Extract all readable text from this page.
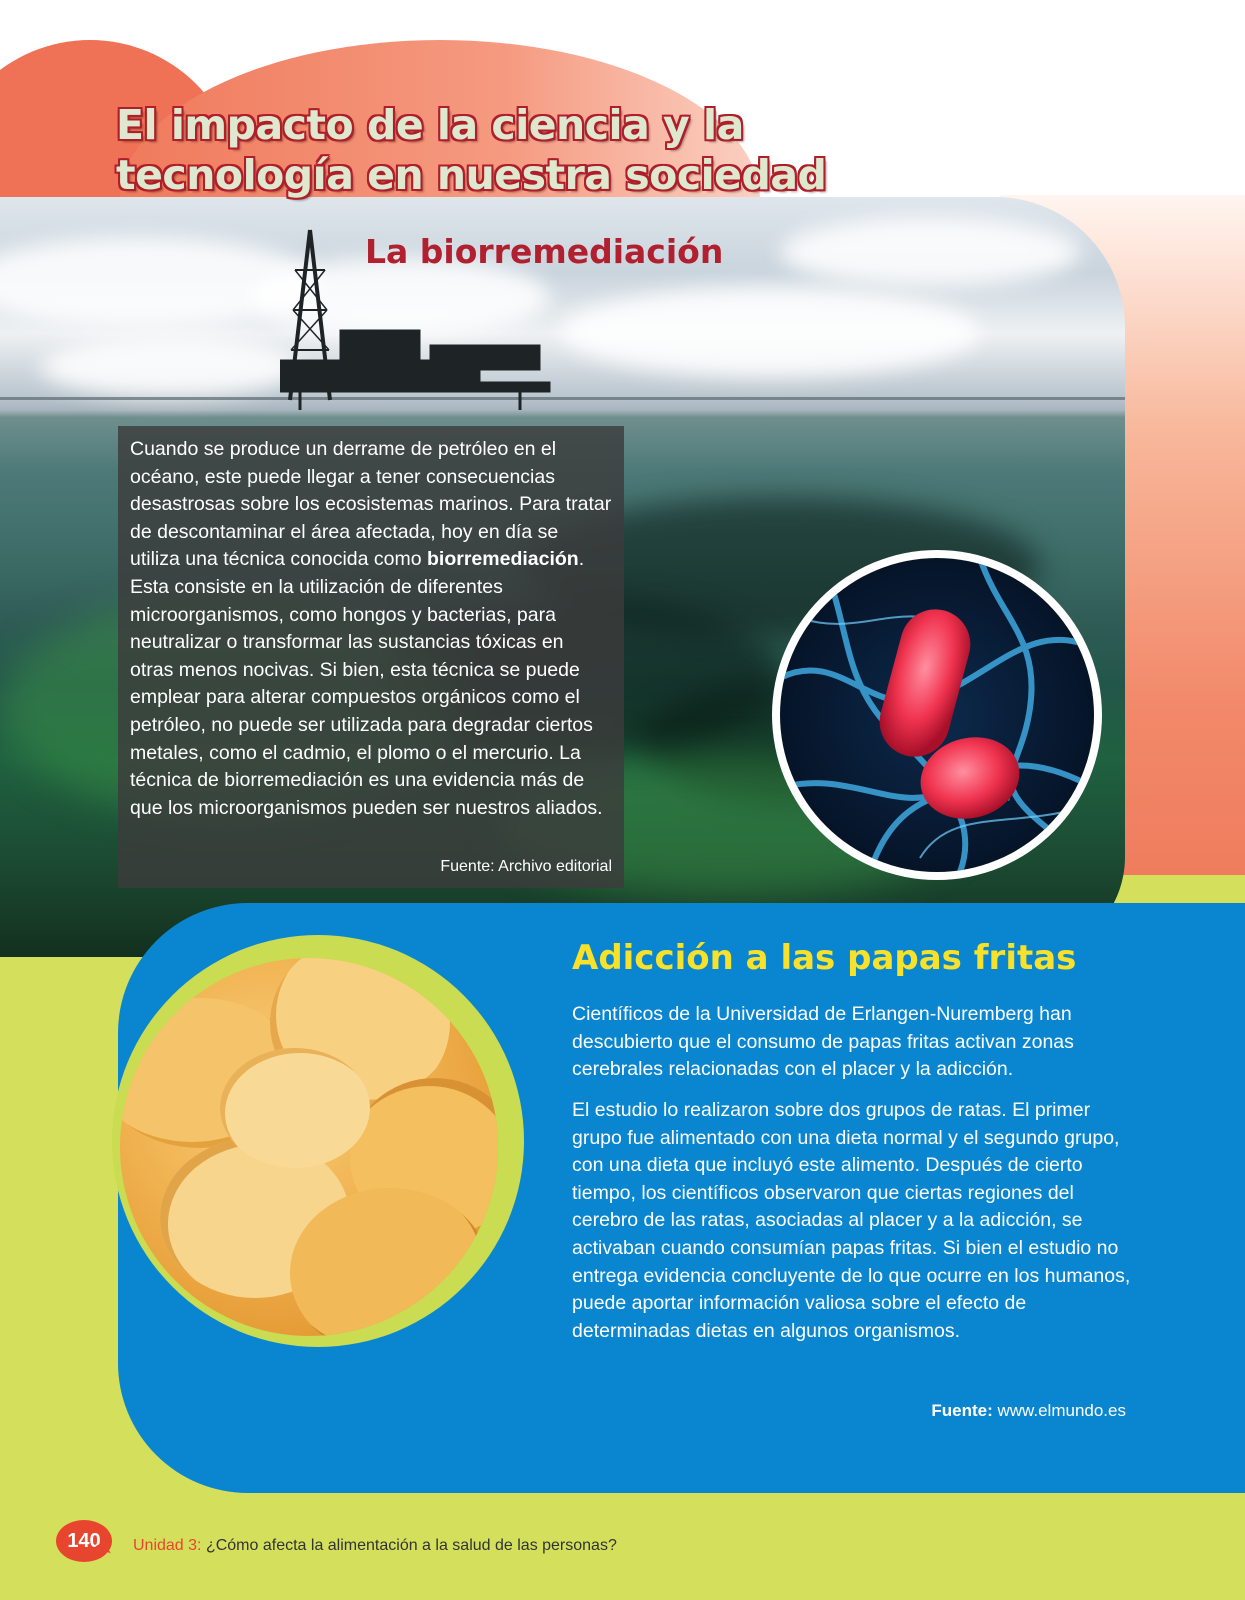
El impacto de la ciencia y la tecnología en nuestra sociedad
La biorremediación

Cuando se produce un derrame de petróleo en el océano, este puede llegar a tener consecuencias desastrosas sobre los ecosistemas marinos. Para tratar de descontaminar el área afectada, hoy en día se utiliza una técnica conocida como biorremediación. Esta consiste en la utilización de diferentes microorganismos, como hongos y bacterias, para neutralizar o transformar las sustancias tóxicas en otras menos nocivas. Si bien, esta técnica se puede emplear para alterar compuestos orgánicos como el petróleo, no puede ser utilizada para degradar ciertos metales, como el cadmio, el plomo o el mercurio. La técnica de biorremediación es una evidencia más de que los microorganismos pueden ser nuestros aliados.

Fuente: Archivo editorial

Adicción a las papas fritas

Científicos de la Universidad de Erlangen-Nuremberg han descubierto que el consumo de papas fritas activan zonas cerebrales relacionadas con el placer y la adicción.

El estudio lo realizaron sobre dos grupos de ratas. El primer grupo fue alimentado con una dieta normal y el segundo grupo, con una dieta que incluyó este alimento. Después de cierto tiempo, los científicos observaron que ciertas regiones del cerebro de las ratas, asociadas al placer y a la adicción, se activaban cuando consumían papas fritas. Si bien el estudio no entrega evidencia concluyente de lo que ocurre en los humanos, puede aportar información valiosa sobre el efecto de determinadas dietas en algunos organismos.

Fuente: www.elmundo.es

140	Unidad 3: ¿Cómo afecta la alimentación a la salud de las personas?
